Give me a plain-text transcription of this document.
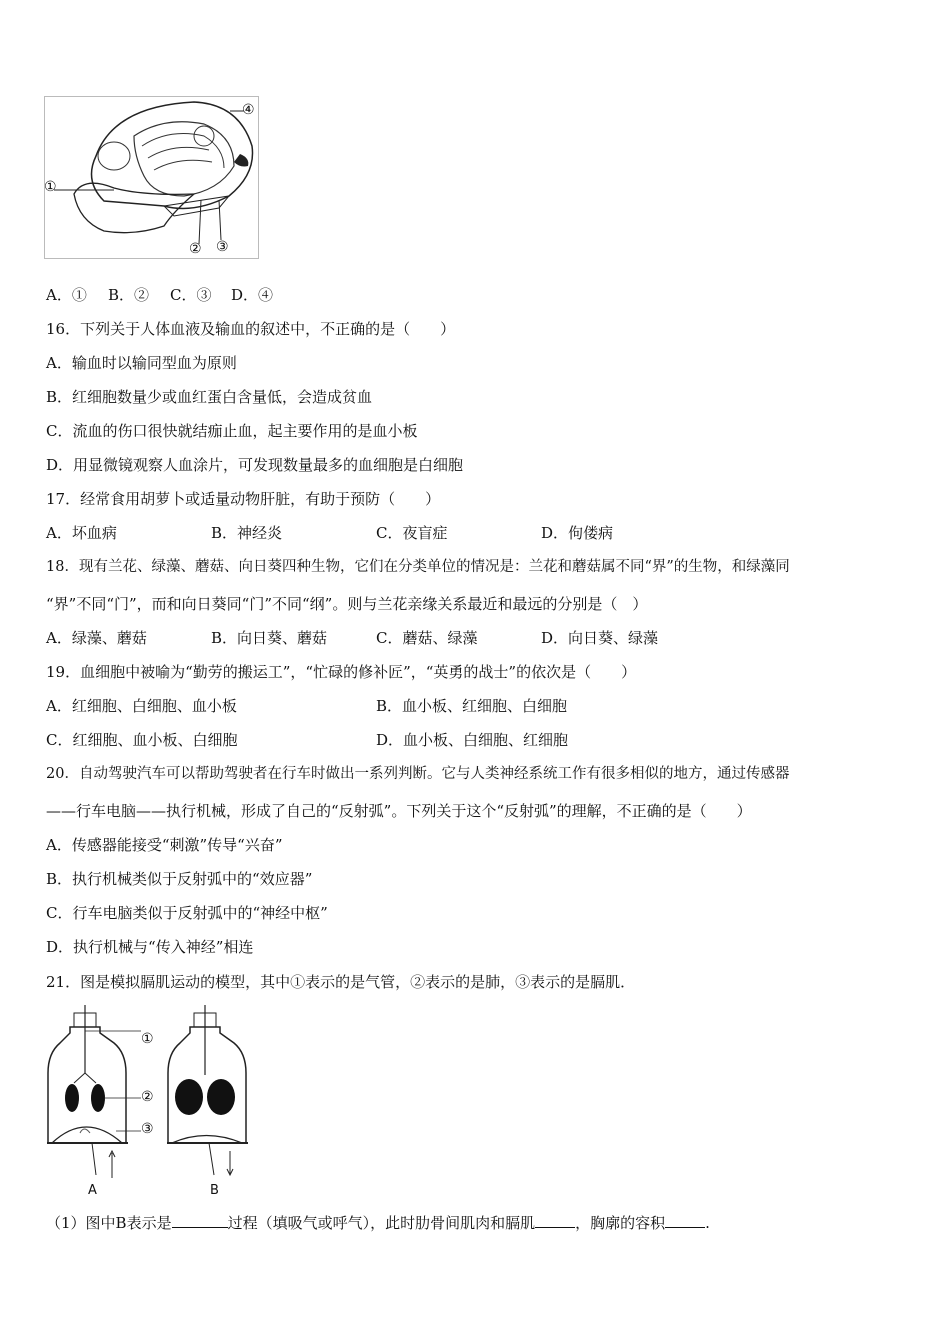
①
② ③
④
A．① B．② C．③ D．④
16．下列关于人体血液及输血的叙述中，不正确的是（　　）
A．输血时以输同型血为原则
B．红细胞数量少或血红蛋白含量低，会造成贫血
C．流血的伤口很快就结痂止血，起主要作用的是血小板
D．用显微镜观察人血涂片，可发现数量最多的血细胞是白细胞
17．经常食用胡萝卜或适量动物肝脏，有助于预防（　　）
A．坏血病	B．神经炎	C．夜盲症	D．佝偻病
18．现有兰花、绿藻、蘑菇、向日葵四种生物，它们在分类单位的情况是：兰花和蘑菇属不同“界”的生物，和绿藻同
“界”不同“门”，而和向日葵同“门”不同“纲”。则与兰花亲缘关系最近和最远的分别是（　）
A．绿藻、蘑菇	B．向日葵、蘑菇	C．蘑菇、绿藻	D．向日葵、绿藻
19．血细胞中被喻为“勤劳的搬运工”，“忙碌的修补匠”，“英勇的战士”的依次是（　　）
A．红细胞、白细胞、血小板	B．血小板、红细胞、白细胞
C．红细胞、血小板、白细胞	D．血小板、白细胞、红细胞
20．自动驾驶汽车可以帮助驾驶者在行车时做出一系列判断。它与人类神经系统工作有很多相似的地方，通过传感器
——行车电脑——执行机械，形成了自己的“反射弧”。下列关于这个“反射弧”的理解，不正确的是（　　）
A．传感器能接受“刺激”传导“兴奋”
B．执行机械类似于反射弧中的“效应器”
C．行车电脑类似于反射弧中的“神经中枢”
D．执行机械与“传入神经”相连
21．图是模拟膈肌运动的模型，其中①表示的是气管，②表示的是肺，③表示的是膈肌．
①
②
③
A	B
（1）图中B表示是	过程（填吸气或呼气），此时肋骨间肌肉和膈肌	，胸廓的容积	.
